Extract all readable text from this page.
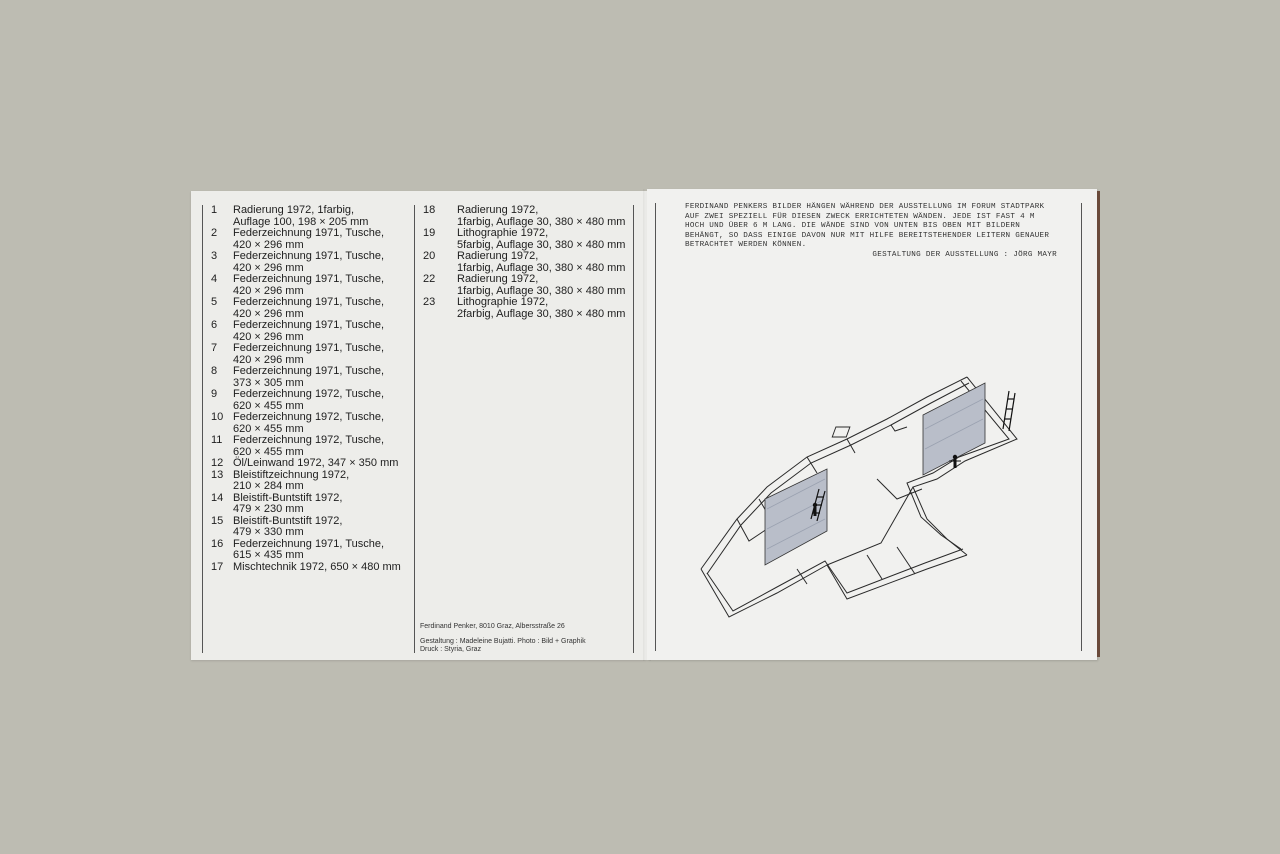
1	Radierung 1972, 1farbig,
Auflage 100, 198 × 205 mm
2	Federzeichnung 1971, Tusche,
420 × 296 mm
3	Federzeichnung 1971, Tusche,
420 × 296 mm
4	Federzeichnung 1971, Tusche,
420 × 296 mm
5	Federzeichnung 1971, Tusche,
420 × 296 mm
6	Federzeichnung 1971, Tusche,
420 × 296 mm
7	Federzeichnung 1971, Tusche,
420 × 296 mm
8	Federzeichnung 1971, Tusche,
373 × 305 mm
9	Federzeichnung 1972, Tusche,
620 × 455 mm
10 Federzeichnung 1972, Tusche,
620 × 455 mm
11 Federzeichnung 1972, Tusche,
620 × 455 mm
12 Öl/Leinwand 1972, 347 × 350 mm
13 Bleistiftzeichnung 1972,
210 × 284 mm
14 Bleistift-Buntstift 1972,
479 × 230 mm
15 Bleistift-Buntstift 1972,
479 × 330 mm
16 Federzeichnung 1971, Tusche,
615 × 435 mm
17 Mischtechnik 1972, 650 × 480 mm
18	Radierung 1972,
1farbig, Auflage 30, 380 × 480 mm
19	Lithographie 1972,
5farbig, Auflage 30, 380 × 480 mm
20	Radierung 1972,
1farbig, Auflage 30, 380 × 480 mm
22	Radierung 1972,
1farbig, Auflage 30, 380 × 480 mm
23	Lithographie 1972,
2farbig, Auflage 30, 380 × 480 mm
Ferdinand Penker, 8010 Graz, Albersstraße 26
Gestaltung : Madeleine Bujatti. Photo : Bild + Graphik
Druck : Styria, Graz
FERDINAND PENKERS BILDER HÄNGEN WÄHREND DER AUSSTELLUNG IM FORUM STADTPARK AUF ZWEI SPEZIELL FÜR DIESEN ZWECK ERRICHTETEN WÄNDEN. JEDE IST FAST 4 M HOCH UND ÜBER 6 M LANG. DIE WÄNDE SIND VON UNTEN BIS OBEN MIT BILDERN BEHÄNGT, SO DASS EINIGE DAVON NUR MIT HILFE BEREITSTEHENDER LEITERN GENAUER BETRACHTET WERDEN KÖNNEN.
GESTALTUNG DER AUSSTELLUNG : JÖRG MAYR
